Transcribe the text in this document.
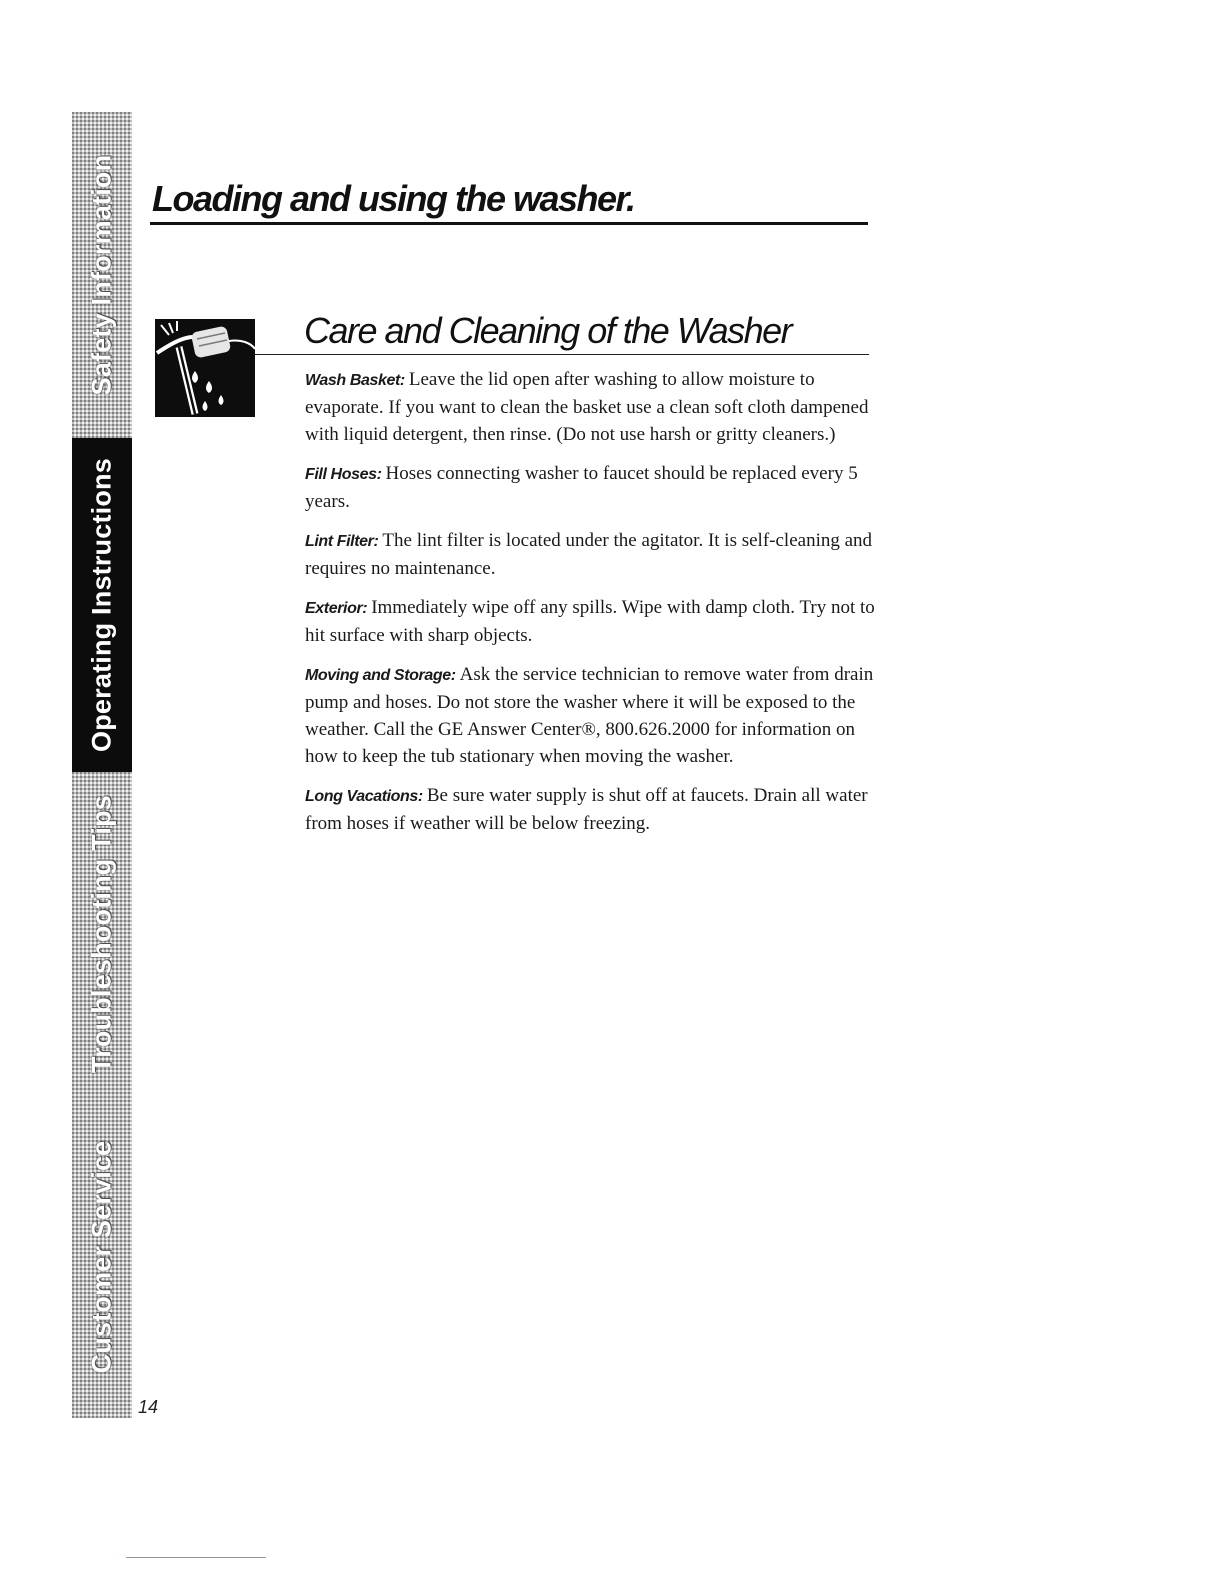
Safety Information
Operating Instructions
Troubleshooting Tips
Customer Service
Loading and using the washer.
Care and Cleaning of the Washer

Wash Basket: Leave the lid open after washing to allow moisture to evaporate. If you want to clean the basket use a clean soft cloth dampened with liquid detergent, then rinse. (Do not use harsh or gritty cleaners.)

Fill Hoses: Hoses connecting washer to faucet should be replaced every 5 years.

Lint Filter: The lint filter is located under the agitator. It is self-cleaning and requires no maintenance.

Exterior: Immediately wipe off any spills. Wipe with damp cloth. Try not to hit surface with sharp objects.

Moving and Storage: Ask the service technician to remove water from drain pump and hoses. Do not store the washer where it will be exposed to the weather. Call the GE Answer Center®, 800.626.2000 for information on how to keep the tub stationary when moving the washer.

Long Vacations: Be sure water supply is shut off at faucets. Drain all water from hoses if weather will be below freezing.

14
